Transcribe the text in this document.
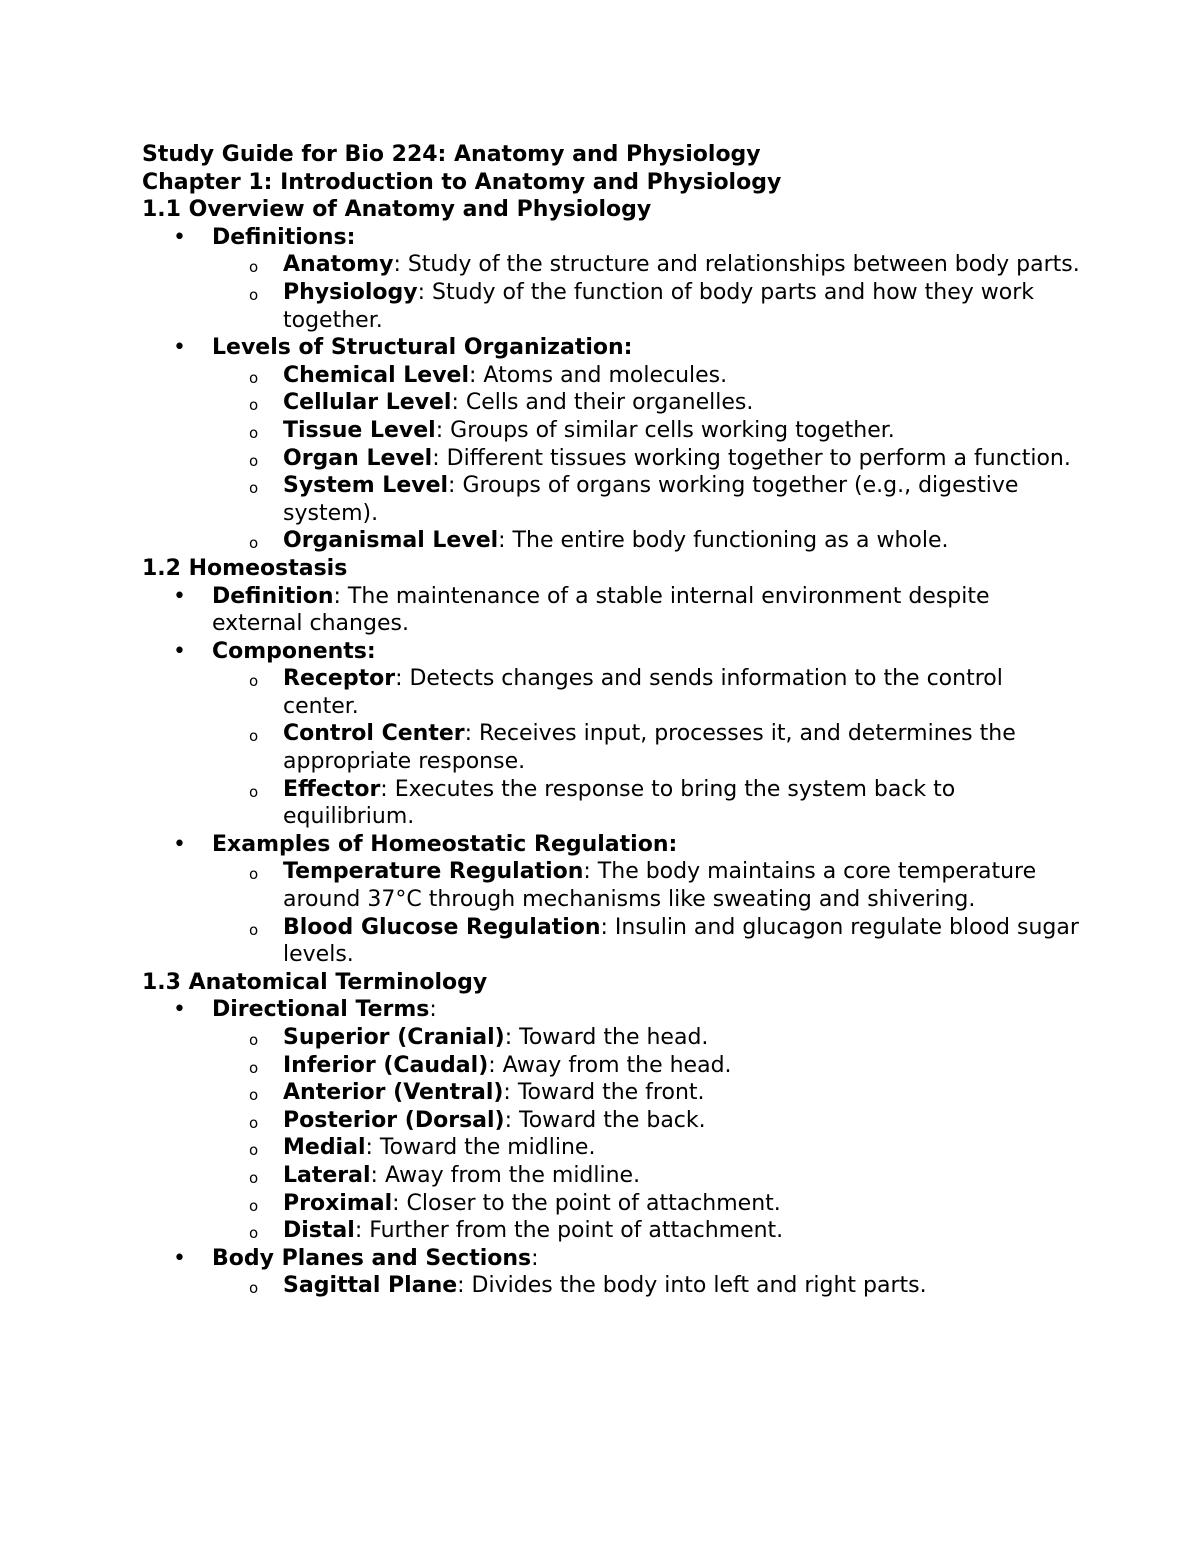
Study Guide for Bio 224: Anatomy and Physiology

Chapter 1: Introduction to Anatomy and Physiology

1.1 Overview of Anatomy and Physiology

• Definitions:
o Anatomy: Study of the structure and relationships between body parts.
o Physiology: Study of the function of body parts and how they work together.
• Levels of Structural Organization:
o Chemical Level: Atoms and molecules.
o Cellular Level: Cells and their organelles.
o Tissue Level: Groups of similar cells working together.
o Organ Level: Different tissues working together to perform a function.
o System Level: Groups of organs working together (e.g., digestive system).
o Organismal Level: The entire body functioning as a whole.

1.2 Homeostasis

• Definition: The maintenance of a stable internal environment despite external changes.
• Components:
o Receptor: Detects changes and sends information to the control center.
o Control Center: Receives input, processes it, and determines the appropriate response.
o Effector: Executes the response to bring the system back to equilibrium.
• Examples of Homeostatic Regulation:
o Temperature Regulation: The body maintains a core temperature around 37°C through mechanisms like sweating and shivering.
o Blood Glucose Regulation: Insulin and glucagon regulate blood sugar levels.

1.3 Anatomical Terminology

• Directional Terms:
o Superior (Cranial): Toward the head.
o Inferior (Caudal): Away from the head.
o Anterior (Ventral): Toward the front.
o Posterior (Dorsal): Toward the back.
o Medial: Toward the midline.
o Lateral: Away from the midline.
o Proximal: Closer to the point of attachment.
o Distal: Further from the point of attachment.
• Body Planes and Sections:
o Sagittal Plane: Divides the body into left and right parts.
